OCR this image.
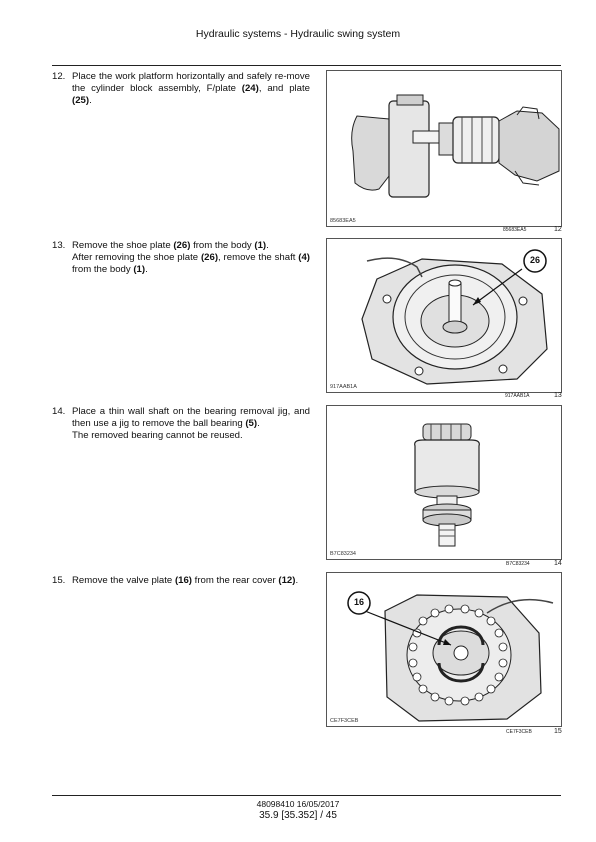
Hydraulic systems - Hydraulic swing system
12. Place the work platform horizontally and safely re-move the cylinder block assembly, F/plate (24), and plate (25).
85683EA5
85683EA5	12
13. Remove the shoe plate (26) from the body (1).
After removing the shoe plate (26), remove the shaft (4) from the body (1).
26
917AAB1A
917AAB1A	13
14. Place a thin wall shaft on the bearing removal jig, and then use a jig to remove the ball bearing (5).
The removed bearing cannot be reused.
B7C83234
B7C83234	14
15. Remove the valve plate (16) from the rear cover (12).
16
CE7F3CEB
CE7F3CEB	15
48098410 16/05/2017
35.9 [35.352] / 45
